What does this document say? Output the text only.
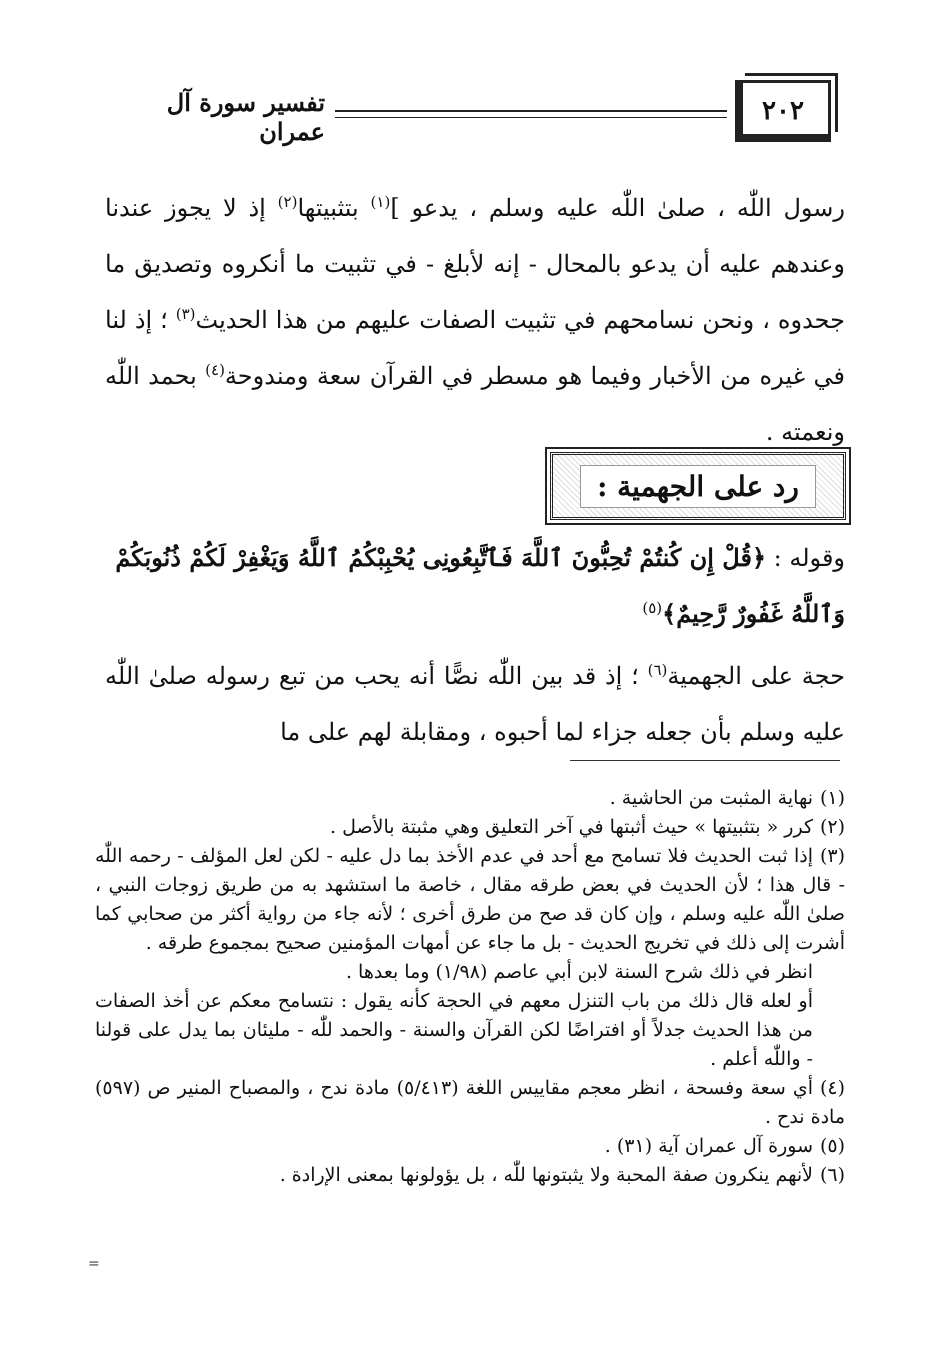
٢٠٢
تفسير سورة آل عمران

رسول اللّٰه ، صلىٰ اللّٰه عليه وسلم ، يدعو ]$^{(١)}$ بتثبيتها$^{(٢)}$ إذ لا يجوز عندنا وعندهم عليه أن يدعو بالمحال - إنه لأبلغ - في تثبيت ما أنكروه وتصديق ما جحدوه ، ونحن نسامحهم في تثبيت الصفات عليهم من هذا الحديث$^{(٣)}$ ؛ إذ لنا في غيره من الأخبار وفيما هو مسطر في القرآن سعة ومندوحة$^{(٤)}$ بحمد اللّٰه ونعمته .

رد على الجهمية :
وقوله : ﴿قُلْ إِن كُنتُمْ تُحِبُّونَ ٱللَّهَ فَٱتَّبِعُونِى يُحْبِبْكُمُ ٱللَّهُ وَيَغْفِرْ لَكُمْ ذُنُوبَكُمْ وَٱللَّهُ غَفُورٌ رَّحِيمٌ﴾$^{(٥)}$
حجة على الجهمية$^{(٦)}$ ؛ إذ قد بين اللّٰه نصًّا أنه يحب من تبع رسوله صلىٰ اللّٰه عليه وسلم بأن جعله جزاء لما أحبوه ، ومقابلة لهم على ما

(١)نهاية المثبت من الحاشية .

(٢)كرر « بتثبيتها » حيث أثبتها في آخر التعليق وهي مثبتة بالأصل .

(٣)إذا ثبت الحديث فلا تسامح مع أحد في عدم الأخذ بما دل عليه - لكن لعل المؤلف - رحمه اللّٰه - قال هذا ؛ لأن الحديث في بعض طرقه مقال ، خاصة ما استشهد به من طريق زوجات النبي ، صلىٰ اللّٰه عليه وسلم ، وإن كان قد صح من طرق أخرى ؛ لأنه جاء من رواية أكثر من صحابي كما أشرت إلى ذلك في تخريج الحديث - بل ما جاء عن أمهات المؤمنين صحيح بمجموع طرقه .

انظر في ذلك شرح السنة لابن أبي عاصم (١/٩٨) وما بعدها .

أو لعله قال ذلك من باب التنزل معهم في الحجة كأنه يقول : نتسامح معكم عن أخذ الصفات من هذا الحديث جدلاً أو افتراضًا لكن القرآن والسنة - والحمد للّٰه - مليئان بما يدل على قولنا - واللّٰه أعلم .

(٤)أي سعة وفسحة ، انظر معجم مقاييس اللغة (٥/٤١٣) مادة ندح ، والمصباح المنير ص (٥٩٧) مادة ندح .

(٥)سورة آل عمران آية (٣١) .

(٦)لأنهم ينكرون صفة المحبة ولا يثبتونها للّٰه ، بل يؤولونها بمعنى الإرادة .

=
